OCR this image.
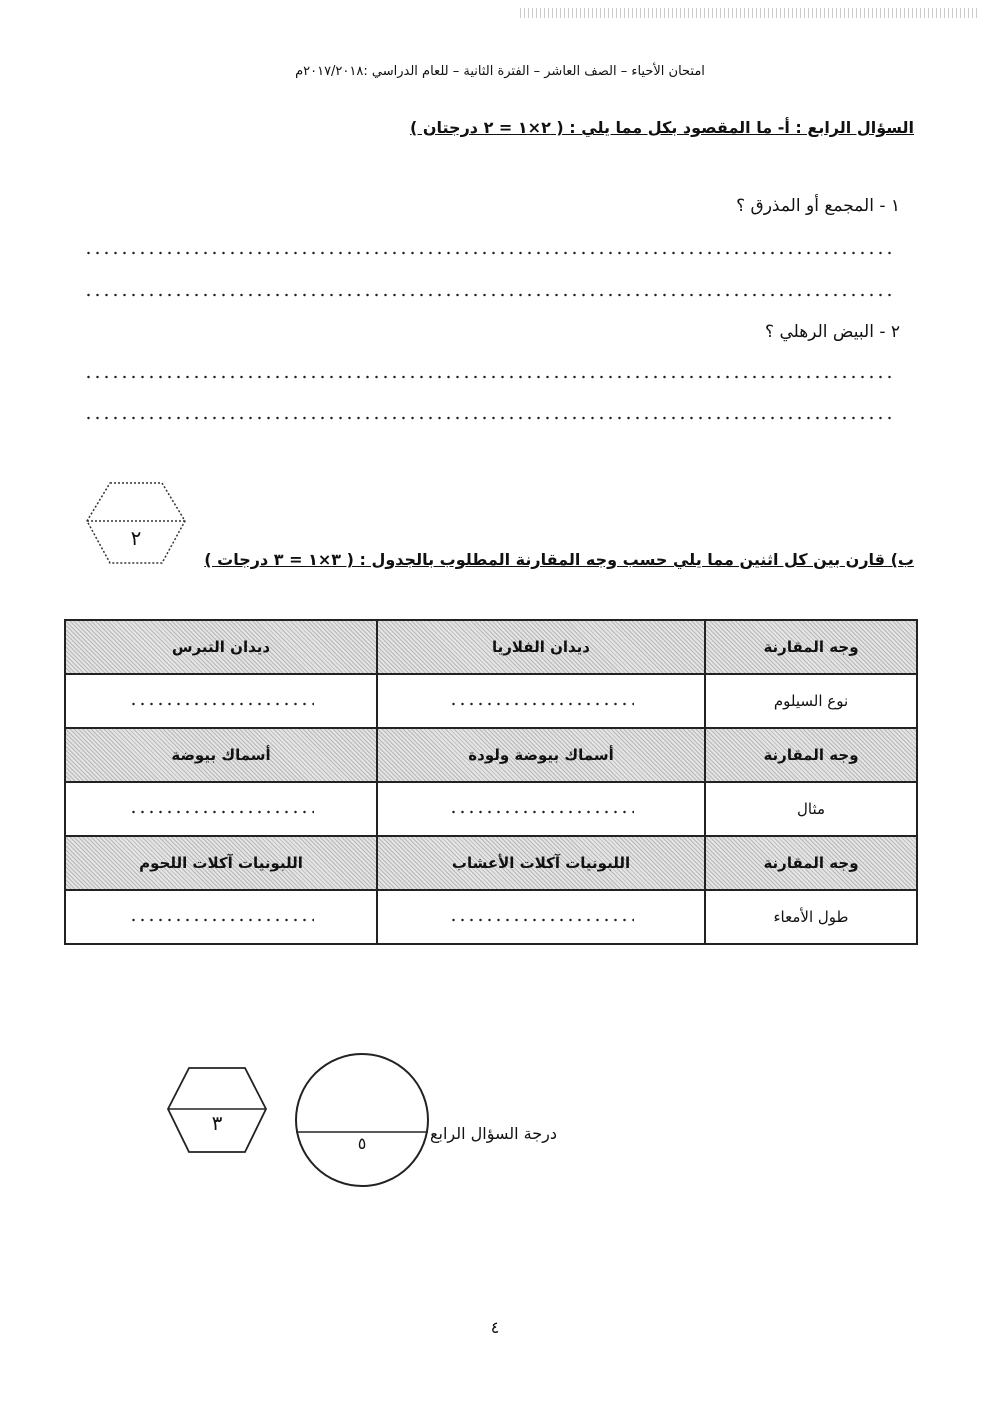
امتحان الأحياء – الصف العاشر – الفترة الثانية – للعام الدراسي :٢٠١٧/٢٠١٨م
السؤال الرابع : أ- ما المقصود بكل مما يلي : ( ٢×١ = ٢ درجتان )
١ - المجمع أو المذرق ؟
٢ - البيض الرهلي ؟
٢
ب) قارن بين كل اثنين مما يلي حسب وجه المقارنة المطلوب بالجدول : ( ٣×١ = ٣ درجات )
وجه المقارنة	ديدان الفلاريا	ديدان التبرس
نوع السيلوم		
وجه المقارنة	أسماك بيوضة ولودة	أسماك بيوضة
مثال		
وجه المقارنة	اللبونيات آكلات الأعشاب	اللبونيات آكلات اللحوم
طول الأمعاء		
٣
٥
درجة السؤال الرابع
٤
